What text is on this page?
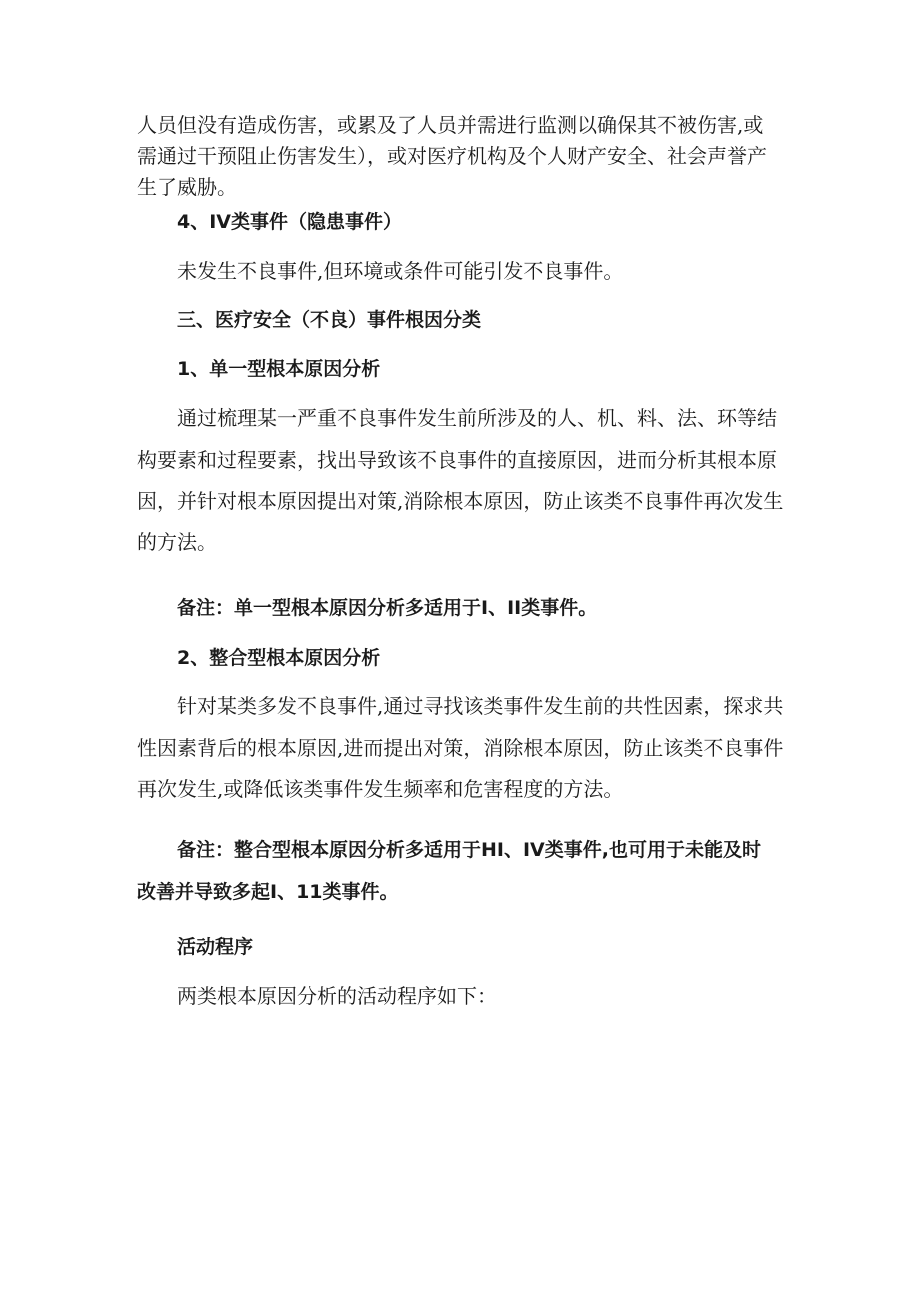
人员但没有造成伤害，或累及了人员并需进行监测以确保其不被伤害,或
需通过干预阻止伤害发生），或对医疗机构及个人财产安全、社会声誉产
生了威胁。
4、IV类事件（隐患事件）
未发生不良事件,但环境或条件可能引发不良事件。
三、医疗安全（不良）事件根因分类
1、单一型根本原因分析
通过梳理某一严重不良事件发生前所涉及的人、机、料、法、环等结
构要素和过程要素，找出导致该不良事件的直接原因，进而分析其根本原
因，并针对根本原因提出对策,消除根本原因，防止该类不良事件再次发生
的方法。
备注：单一型根本原因分析多适用于I、II类事件。
2、整合型根本原因分析
针对某类多发不良事件,通过寻找该类事件发生前的共性因素，探求共
性因素背后的根本原因,进而提出对策，消除根本原因，防止该类不良事件
再次发生,或降低该类事件发生频率和危害程度的方法。
备注：整合型根本原因分析多适用于HI、IV类事件,也可用于未能及时
改善并导致多起I、11类事件。
活动程序
两类根本原因分析的活动程序如下：
